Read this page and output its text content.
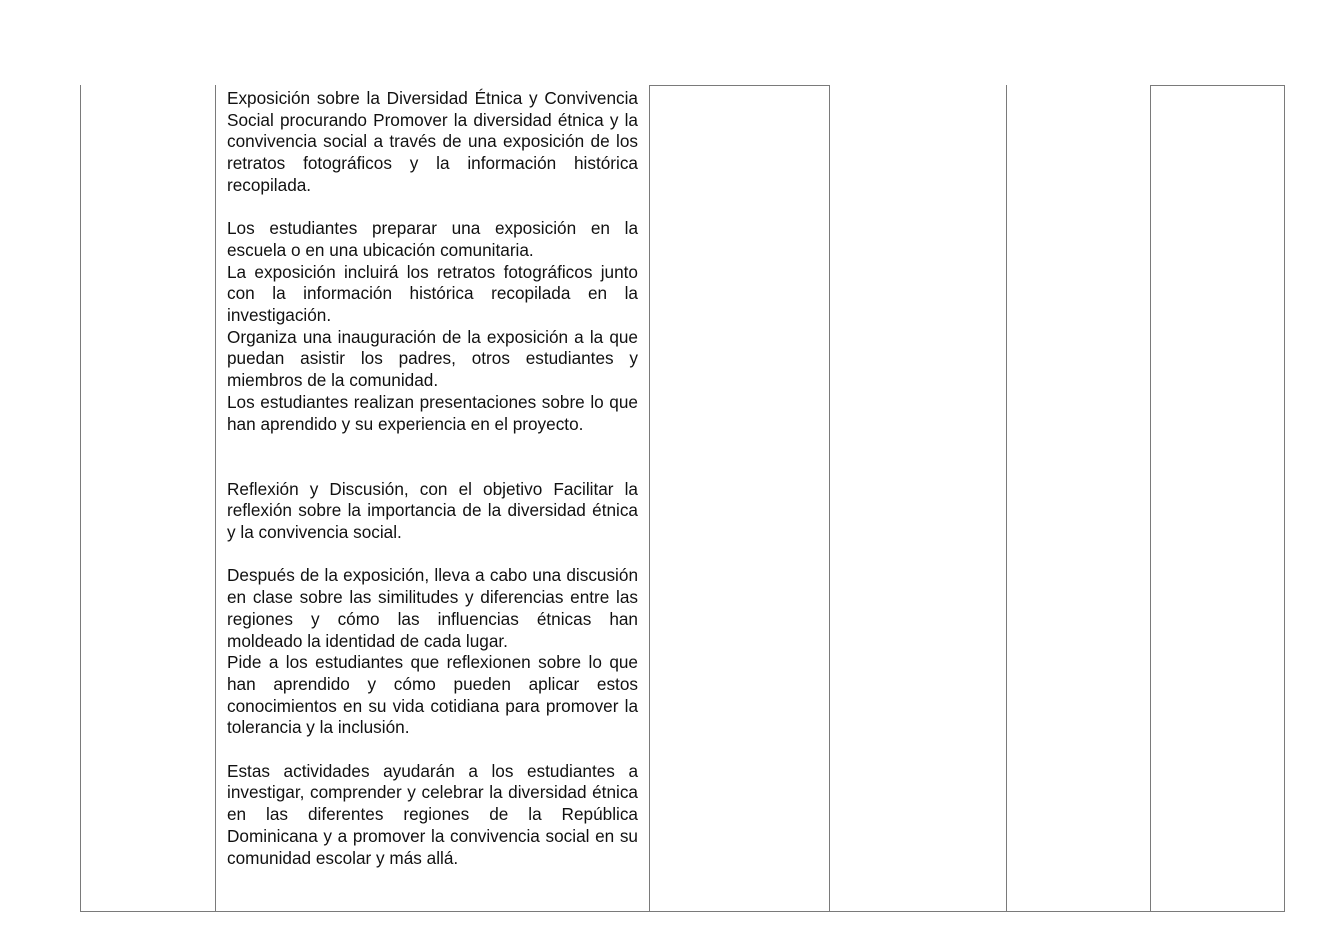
Exposición sobre la Diversidad Étnica y Convivencia Social procurando Promover la diversidad étnica y la convivencia social a través de una exposición de los retratos fotográficos y la información histórica recopilada.

Los estudiantes preparar una exposición en la escuela o en una ubicación comunitaria.

La exposición incluirá los retratos fotográficos junto con la información histórica recopilada en la investigación.

Organiza una inauguración de la exposición a la que puedan asistir los padres, otros estudiantes y miembros de la comunidad.

Los estudiantes realizan presentaciones sobre lo que han aprendido y su experiencia en el proyecto.

Reflexión y Discusión, con el objetivo Facilitar la reflexión sobre la importancia de la diversidad étnica y la convivencia social.

Después de la exposición, lleva a cabo una discusión en clase sobre las similitudes y diferencias entre las regiones y cómo las influencias étnicas han moldeado la identidad de cada lugar.

Pide a los estudiantes que reflexionen sobre lo que han aprendido y cómo pueden aplicar estos conocimientos en su vida cotidiana para promover la tolerancia y la inclusión.

Estas actividades ayudarán a los estudiantes a investigar, comprender y celebrar la diversidad étnica en las diferentes regiones de la República Dominicana y a promover la convivencia social en su comunidad escolar y más allá.
